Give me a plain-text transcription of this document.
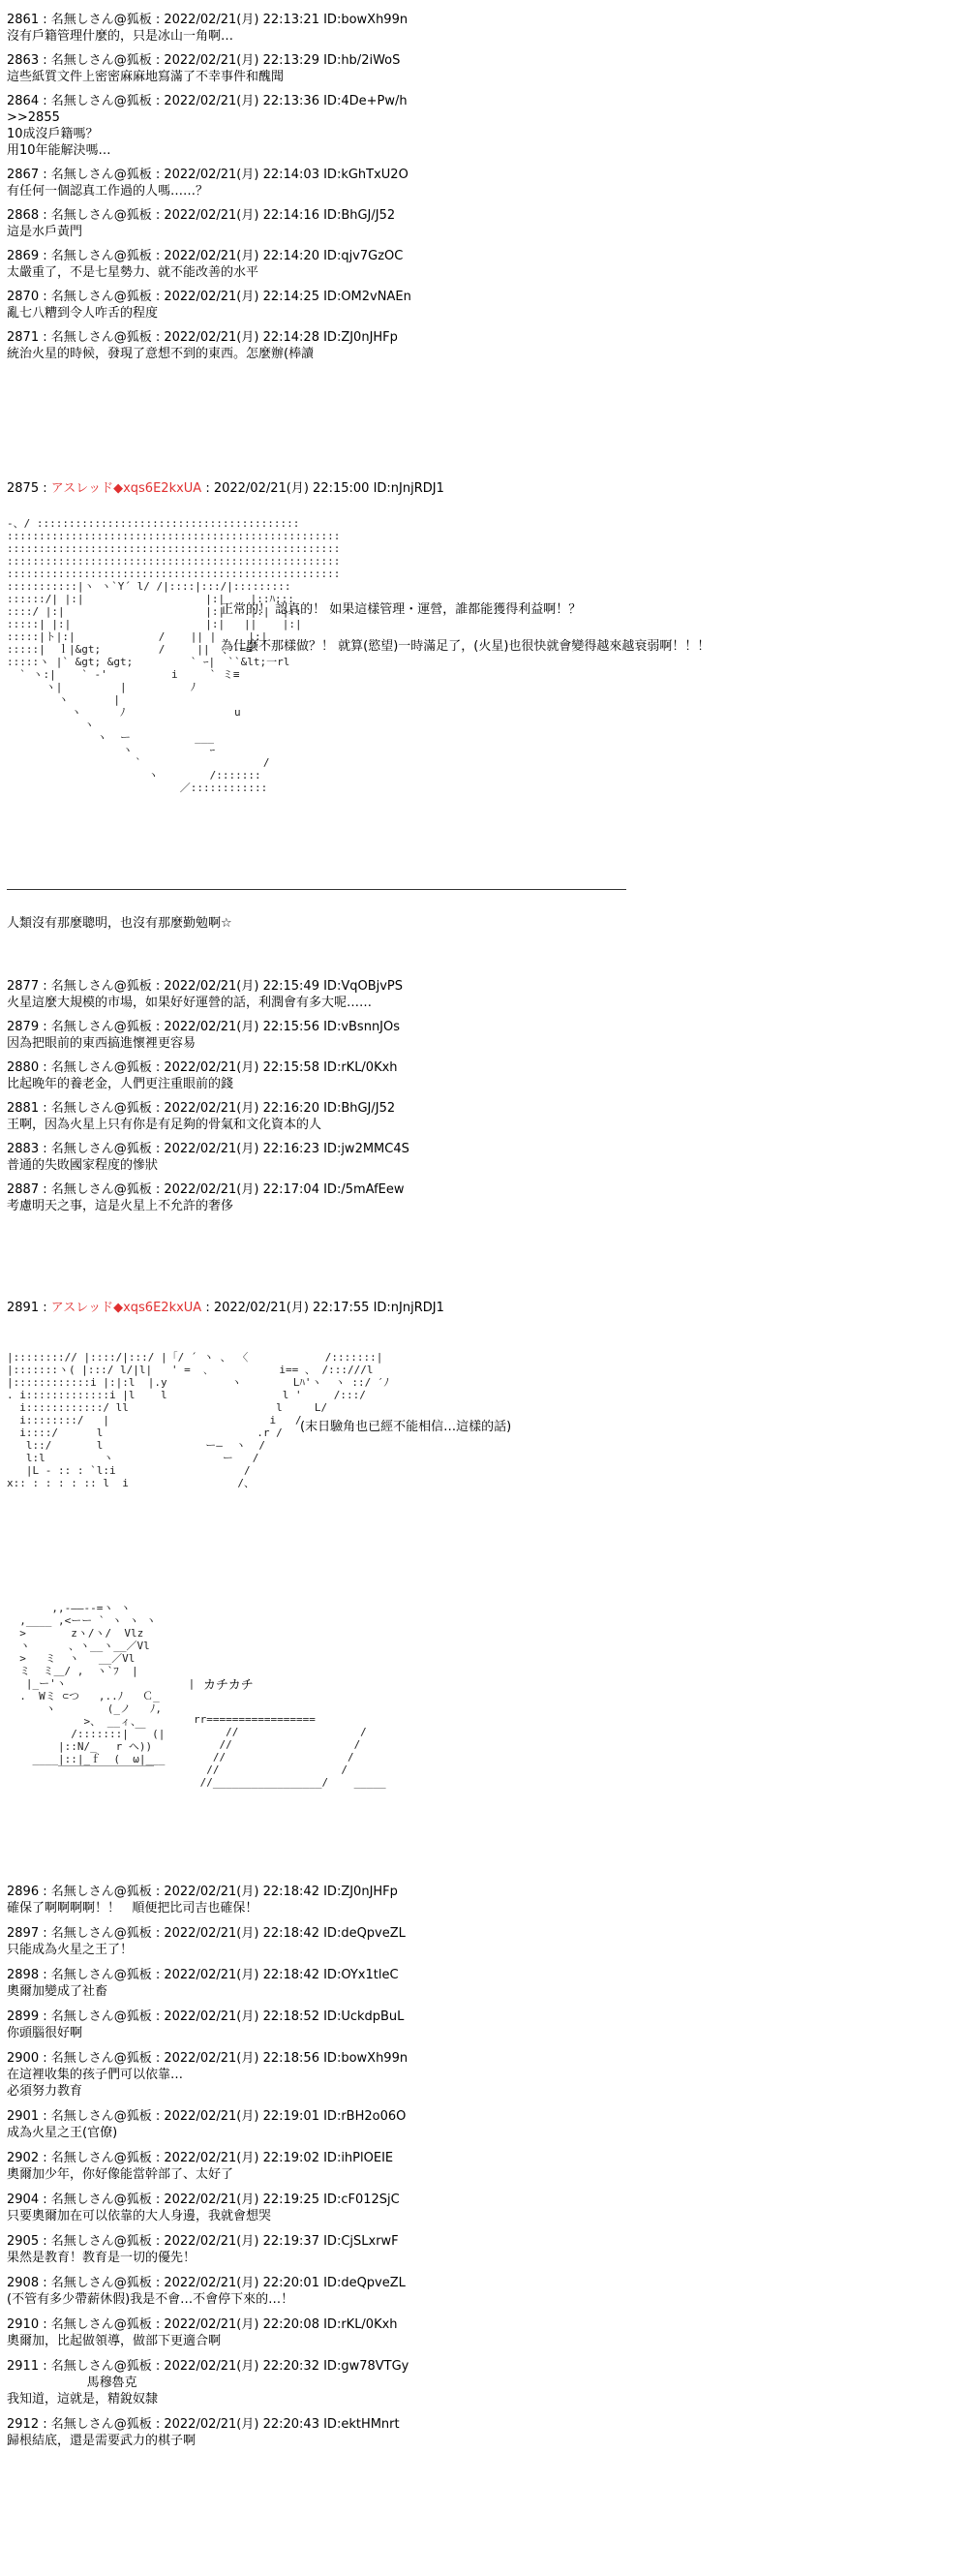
2861 : 名無しさん@狐板 : 2022/02/21(月) 22:13:21 ID:bowXh99n
沒有戶籍管理什麼的，只是冰山一角啊…
2863 : 名無しさん@狐板 : 2022/02/21(月) 22:13:29 ID:hb/2iWoS
這些紙質文件上密密麻麻地寫滿了不幸事件和醜聞
2864 : 名無しさん@狐板 : 2022/02/21(月) 22:13:36 ID:4De+Pw/h
>>2855
10成沒戶籍嗎？
用10年能解決嗎…
2867 : 名無しさん@狐板 : 2022/02/21(月) 22:14:03 ID:kGhTxU2O
有任何一個認真工作過的人嗎……？
2868 : 名無しさん@狐板 : 2022/02/21(月) 22:14:16 ID:BhGJ/J52
這是水戶黃門
2869 : 名無しさん@狐板 : 2022/02/21(月) 22:14:20 ID:qjv7GzOC
太嚴重了，不是七星勢力、就不能改善的水平
2870 : 名無しさん@狐板 : 2022/02/21(月) 22:14:25 ID:OM2vNAEn
亂七八糟到令人咋舌的程度
2871 : 名無しさん@狐板 : 2022/02/21(月) 22:14:28 ID:ZJ0nJHFp
統治火星的時候，發現了意想不到的東西。怎麼辦(棒讀
2875 : アスレッド◆xqs6E2kxUA : 2022/02/21(月) 22:15:00 ID:nJnjRDJ1
-、/ :::::::::::::::::::::::::::::::::::::::::
::::::::::::::::::::::::::::::::::::::::::::::::::::
::::::::::::::::::::::::::::::::::::::::::::::::::::
::::::::::::::::::::::::::::::::::::::::::::::::::::
::::::::::::::::::::::::::::::::::::::::::::::::::::
:::::::::::|ヽ ヽ`Y´ l/ /|::::|:::/|:::::::::
::::::/| |:|                   |:|    |::ﾊ:::
::::/ |:|                      |:|   .|:|  |::
:::::| |:|                     |:|   ||    |:|
:::::|ト|:|             /    || |     |:|
:::::|  ｌ|&gt;         /     ||  、-=≡"
:::::ヽ |` &gt; &gt;         ` ｰ|  ``&lt;一rl
` ヽ:|    ` -'          i     ` ミ≡
ヽ|         |          ﾉ
ヽ       |
ヽ      ﾉ                 u
ヽ
ヽ  ー          ___
ヽ            ｰ
`                   /
ヽ        /:::::::
／::::::::::::
正常的！ 認真的！ 如果這樣管理・運營，誰都能獲得利益啊！？
為什麼不那樣做？！ 就算(慾望)一時滿足了，(火星)也很快就會變得越來越衰弱啊！！！
人類沒有那麼聰明，也沒有那麼勤勉啊☆
2877 : 名無しさん@狐板 : 2022/02/21(月) 22:15:49 ID:VqOBjvPS
火星這麼大規模的市場，如果好好運營的話，利潤會有多大呢……
2879 : 名無しさん@狐板 : 2022/02/21(月) 22:15:56 ID:vBsnnJOs
因為把眼前的東西搞進懷裡更容易
2880 : 名無しさん@狐板 : 2022/02/21(月) 22:15:58 ID:rKL/0Kxh
比起晚年的養老金，人們更注重眼前的錢
2881 : 名無しさん@狐板 : 2022/02/21(月) 22:16:20 ID:BhGJ/J52
王啊，因為火星上只有你是有足夠的骨氣和文化資本的人
2883 : 名無しさん@狐板 : 2022/02/21(月) 22:16:23 ID:jw2MMC4S
普通的失敗國家程度的慘狀
2887 : 名無しさん@狐板 : 2022/02/21(月) 22:17:04 ID:/5mAfEew
考慮明天之事，這是火星上不允許的奢侈
2891 : アスレッド◆xqs6E2kxUA : 2022/02/21(月) 22:17:55 ID:nJnjRDJ1
|::::::::// |::::/|:::/ |「/ ´ ヽ 、 〈            /:::::::|
|:::::::ヽ( |:::/ l/|l|   ' =  ､           i== 、 /:::///l
|::::::::::::i |:|:l  |.y          ヽ        Lﾊ'ヽ  ヽ ::/ ′ﾉ
. i:::::::::::::i |l    l                  l '     /:::/
i::::::::::::/ ll                       l     L/
i::::::::/   |                         i   /
i::::/      l                        .r /
l::/       l                ー―  ヽ  /
l:l         ヽ                 ー   /
|L ‐ :: : `l:i                    /
x:: : : : : :: l  i                 /、
(末日驗角也已經不能相信…這樣的話)
,,-――--=ヽ ヽ
,____ ,<ーー ` ヽ ヽ ヽ
>       zヽ/ヽ/  Vlz
ヽ      、ヽ__ヽ__／Vl
>   ミ  ヽ   __／Vl
ミ  ミ＿/ ,  ヽ`ﾌ  |
|_ー'ヽ                   |
.  Wミ ⊂つ   ,..ﾉ   Ｃ_
ヽ        (_ノ   ﾉ,
>、 __ィ、
/:::::::| ￣ (|
|::N/_   r ヘ))
____|::|_ｆ  (  ω|___
￣￣￣￣￣￣￣￣￣
カチカチ
rr=================
//                   /
//                   /
//                   /
//                   /
//_________________/    _____
2896 : 名無しさん@狐板 : 2022/02/21(月) 22:18:42 ID:ZJ0nJHFp
確保了啊啊啊啊！！   順便把比司吉也確保！
2897 : 名無しさん@狐板 : 2022/02/21(月) 22:18:42 ID:deQpveZL
只能成為火星之王了！
2898 : 名無しさん@狐板 : 2022/02/21(月) 22:18:42 ID:OYx1tleC
奧爾加變成了社畜
2899 : 名無しさん@狐板 : 2022/02/21(月) 22:18:52 ID:UckdpBuL
你頭腦很好啊
2900 : 名無しさん@狐板 : 2022/02/21(月) 22:18:56 ID:bowXh99n
在這裡收集的孩子們可以依靠…
必須努力教育
2901 : 名無しさん@狐板 : 2022/02/21(月) 22:19:01 ID:rBH2o06O
成為火星之王(官僚)
2902 : 名無しさん@狐板 : 2022/02/21(月) 22:19:02 ID:ihPlOEIE
奧爾加少年，你好像能當幹部了、太好了
2904 : 名無しさん@狐板 : 2022/02/21(月) 22:19:25 ID:cF012SjC
只要奧爾加在可以依靠的大人身邊，我就會想哭
2905 : 名無しさん@狐板 : 2022/02/21(月) 22:19:37 ID:CjSLxrwF
果然是教育！教育是一切的優先！
2908 : 名無しさん@狐板 : 2022/02/21(月) 22:20:01 ID:deQpveZL
(不管有多少帶薪休假)我是不會…不會停下來的…！
2910 : 名無しさん@狐板 : 2022/02/21(月) 22:20:08 ID:rKL/0Kxh
奧爾加，比起做領導，做部下更適合啊
2911 : 名無しさん@狐板 : 2022/02/21(月) 22:20:32 ID:gw78VTGy
馬穆魯克
我知道，這就是，精銳奴隸
2912 : 名無しさん@狐板 : 2022/02/21(月) 22:20:43 ID:ektHMnrt
歸根結底，還是需要武力的棋子啊
